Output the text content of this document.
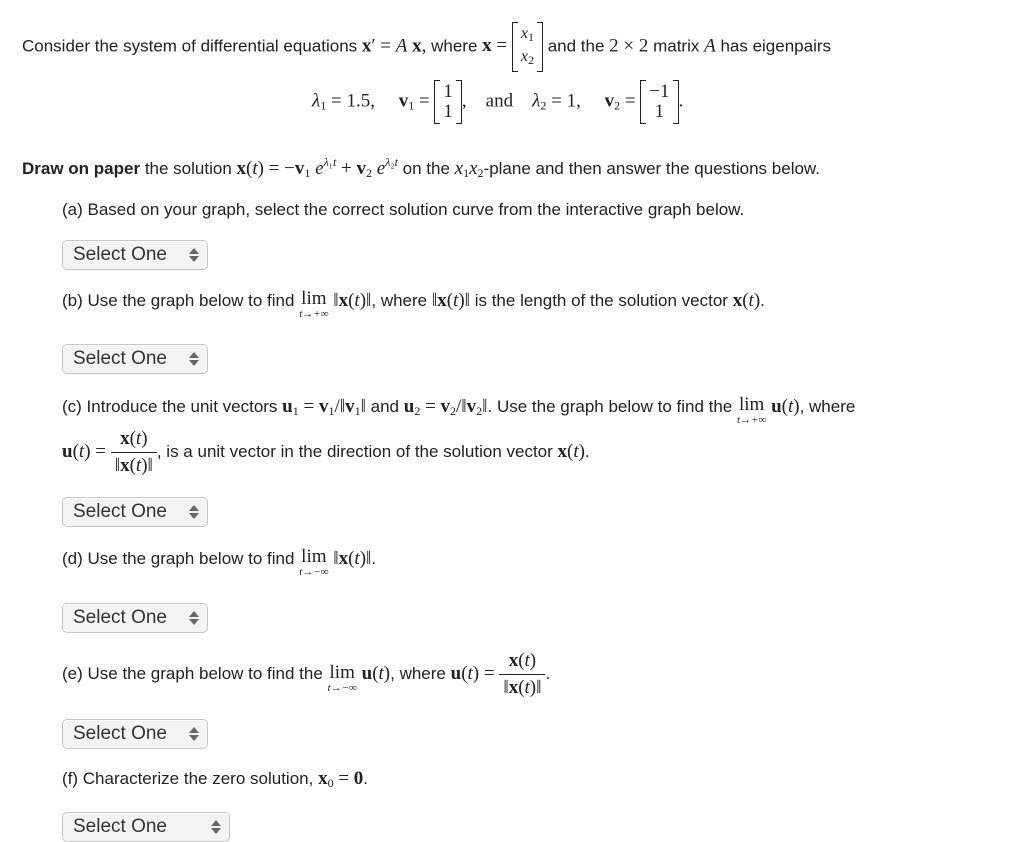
Consider the system of differential equations x′ = A x, where $x = x_1$
$x_2$ and the 2 × 2 matrix A has eigenpairs
$\lambda_1 = 1.5$,     $v_1 = 1$
1,    and $\lambda_2 = 1$,     $v_2 = -1$
1.
Draw on paper the solution $x(t) = -v_1$ $e^{\lambda_1t} + v_2$ $e^{\lambda_2t}$ on the $x_1x_2$-plane and then answer the questions below.
(a) Based on your graph, select the correct solution curve from the interactive graph below.
Select One
(b) Use the graph below to find lim
t→+∞
‖x(t)‖, where ‖x(t)‖ is the length of the solution vector x(t).
Select One
(c) Introduce the unit vectors $u_1$ = $v_1/‖v_1‖$ and $u_2$ = $v_2/‖v_2‖$. Use the graph below to find the lim
t→+∞
u(t), where
$u(t) = \frac{x(t)}{‖x(t)‖}$ , is a unit vector in the direction of the solution vector x(t).
Select One
(d) Use the graph below to find lim
t→−∞
‖x(t)‖.
Select One
(e) Use the graph below to find the lim
t→−∞
u(t), where $u(t) = \frac{x(t)}{‖x(t)‖}$ .
Select One
(f) Characterize the zero solution, $x_0 = 0$.
Select One
